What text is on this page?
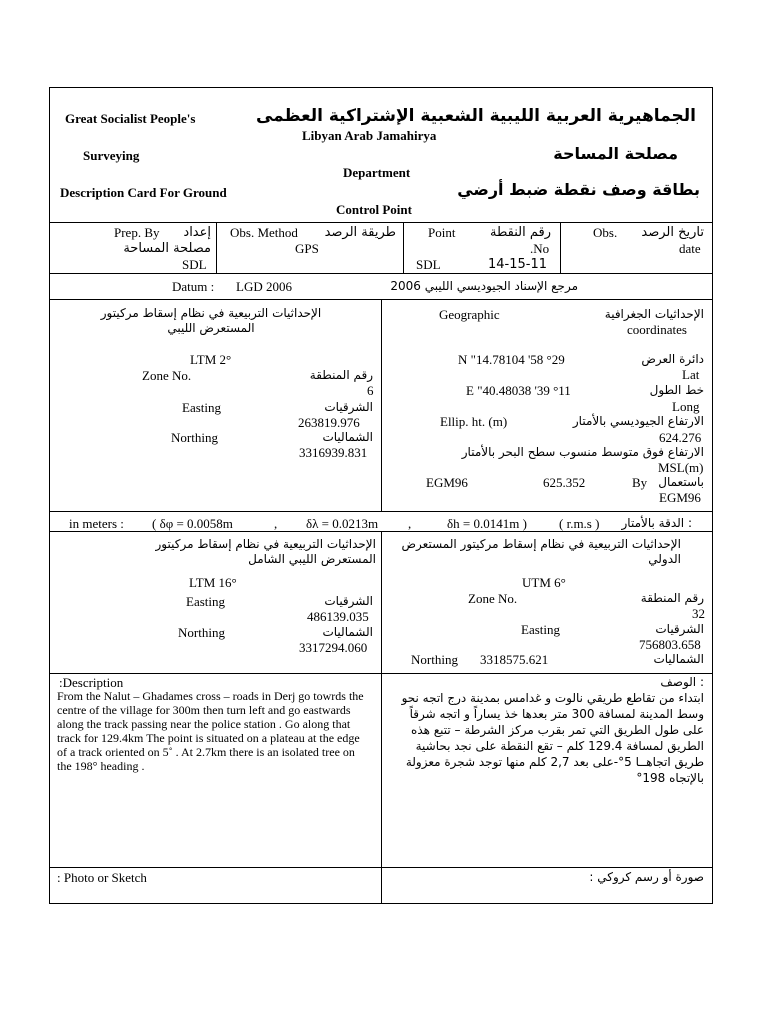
Great Socialist People's	الجماهيرية العربية الليبية الشعبية الإشتراكية العظمى
Libyan Arab Jamahirya
Surveying	مصلحة المساحة
Department
Description Card For Ground	بطاقة وصف نقطة ضبط أرضي
Control Point
Prep. By إعداد
مصلحة المساحة
SDL
Obs. Method طريقة الرصد
GPS
Point	رقم النقطة
.No
SDL	14-15-11
Obs. تاريخ الرصد
date
Datum : LGD 2006	مرجع الإسناد الجيوديسي الليبي 2006
الإحداثيات التربيعية في نظام إسقاط مركيتور المستعرض الليبي
LTM 2°
Zone No.	رقم المنطقة
6
Easting	الشرقيات
263819.976
Northing	الشماليات
3316939.831
Geographic	الإحداثيات الجغرافية
coordinates
N "14.78104 '58 °29	دائرة العرض
Lat
E "40.48038 '39 °11	خط الطول
Long
Ellip. ht. (m)	الارتفاع الجيوديسي بالأمتار
624.276
الارتفاع فوق متوسط منسوب سطح البحر بالأمتار
MSL(m)
EGM96	625.352	By باستعمال
EGM96
in meters : ( δφ = 0.0058m	, δλ = 0.0213m ,	δh = 0.0141m ) ( r.m.s ) : الدقة بالأمتار
الإحداثيات التربيعية في نظام إسقاط مركيتور المستعرض الليبي الشامل
LTM 16°
Easting	الشرقيات
486139.035
Northing	الشماليات
3317294.060
الإحداثيات التربيعية في نظام إسقاط مركيتور المستعرض الدولي
UTM 6°
Zone No.	رقم المنطقة
32
Easting	الشرقيات
756803.658
Northing 3318575.621	الشماليات
:Description	: الوصف
From the Nalut – Ghadames cross – roads in Derj go towrds the centre of the village for 300m then turn left and go eastwards along the track passing near the police station . Go along that track for 129.4km The point is situated on a plateau at the edge of a track oriented on 5˚ . At 2.7km there is an isolated tree on the 198° heading .
ابتداء من تقاطع طريقي نالوت و غدامس بمدينة درج اتجه نحو وسط المدينة لمسافة 300 متر بعدها خذ يساراً و اتجه شرقاً على طول الطريق التي تمر بقرب مركز الشرطة – تتبع هذه الطريق لمسافة 129.4 كلم – تقع النقطة على نجد بحاشية طريق اتجاهــا 5°-على بعد 2,7 كلم منها توجد شجرة معزولة بالإتجاه 198°
: Photo or Sketch	صورة أو رسم كروكي :
